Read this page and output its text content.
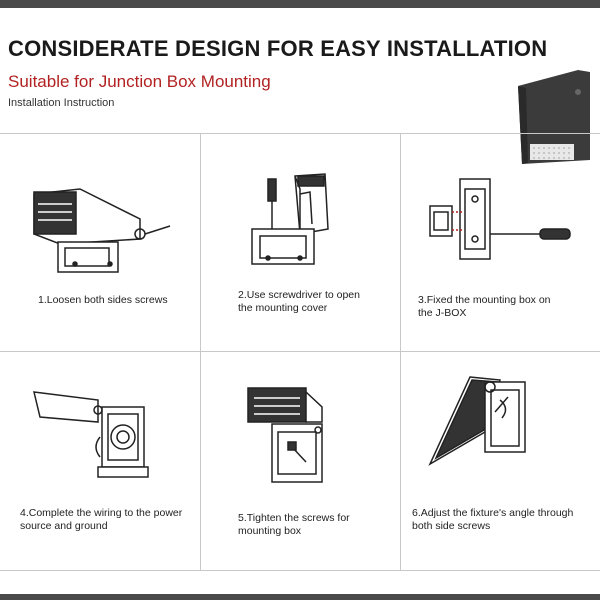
CONSIDERATE DESIGN FOR EASY INSTALLATION
Suitable for Junction Box Mounting
Installation Instruction
1.Loosen both sides screws	2.Use screwdriver to open
the mounting cover
3.Fixed the mounting box on
the J-BOX
4.Complete the wiring to the power
source and ground
5.Tighten the screws for
mounting box
6.Adjust the fixture's angle through
both side screws
